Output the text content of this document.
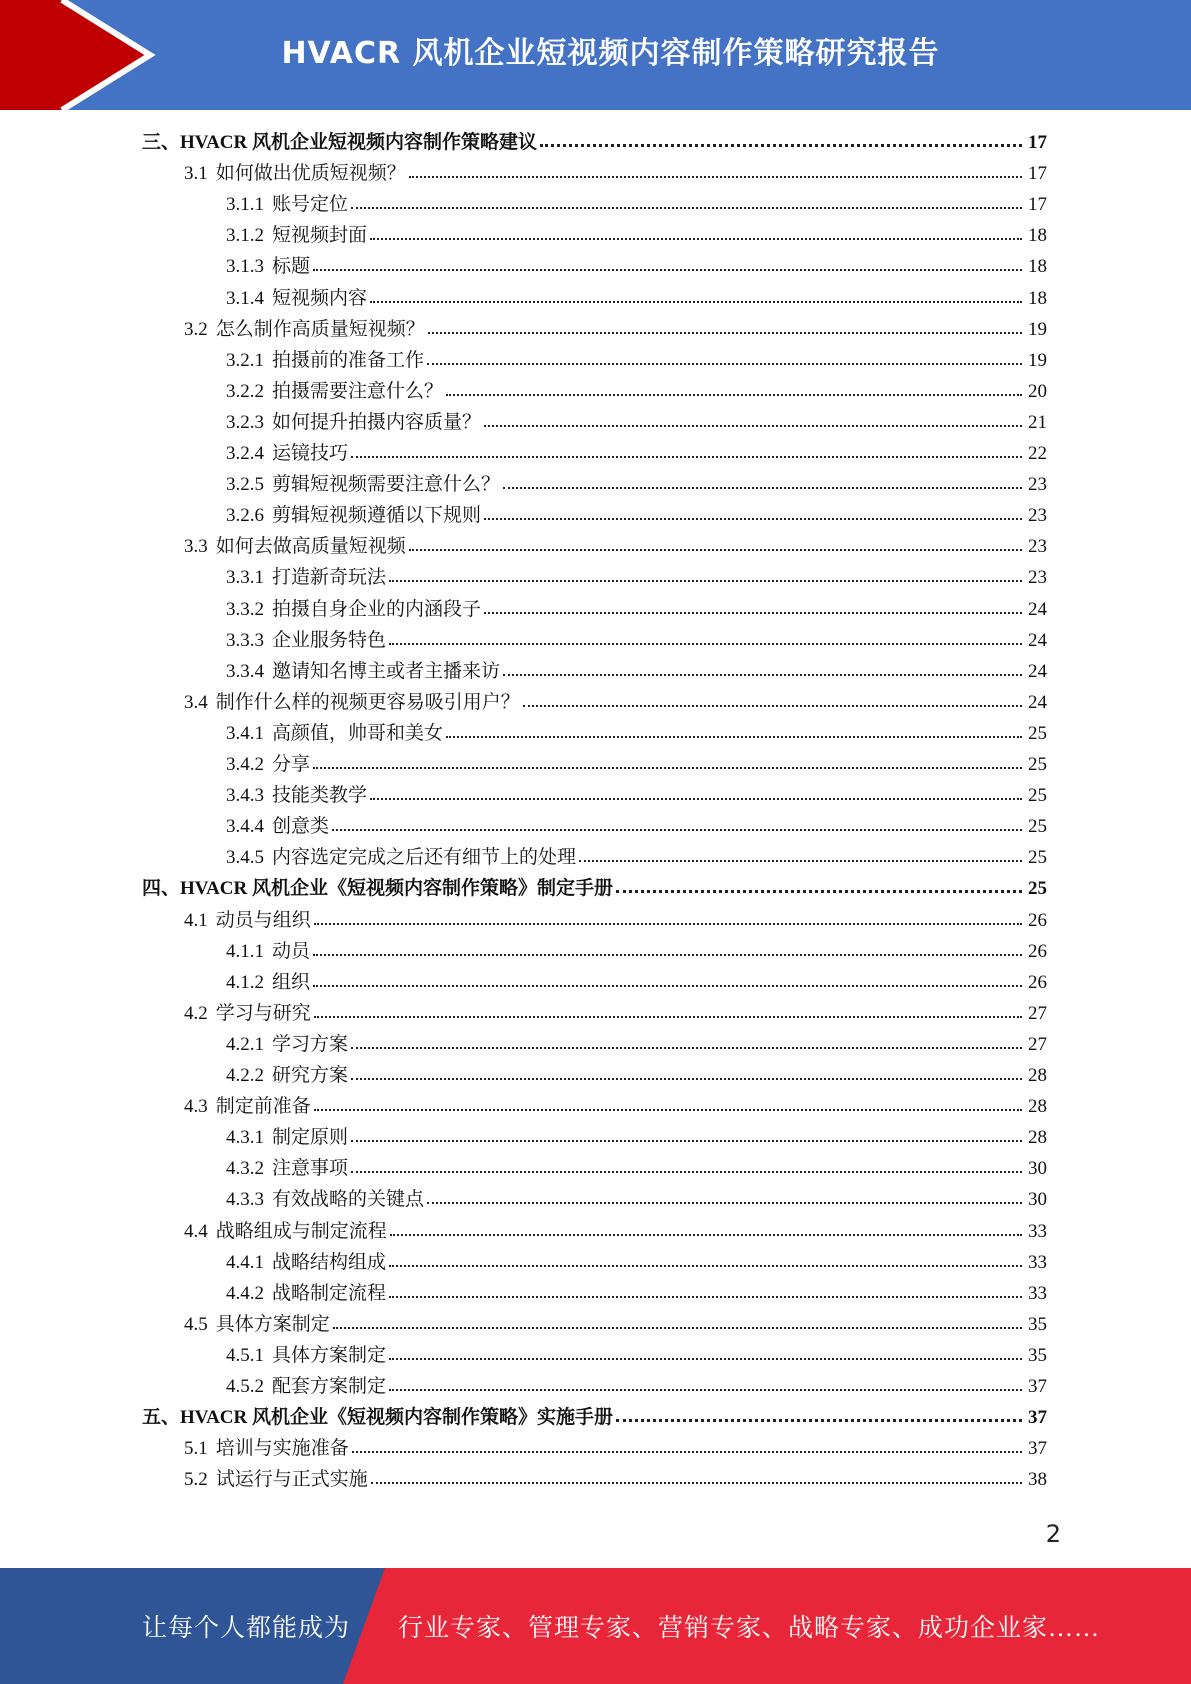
HVACR 风机企业短视频内容制作策略研究报告
三、 HVACR 风机企业短视频内容制作策略建议	17
3.1 如何做出优质短视频？	17
3.1.1 账号定位	17
3.1.2 短视频封面	18
3.1.3 标题	18
3.1.4 短视频内容	18
3.2 怎么制作高质量短视频？	19
3.2.1 拍摄前的准备工作	19
3.2.2 拍摄需要注意什么？	20
3.2.3 如何提升拍摄内容质量？	21
3.2.4 运镜技巧	22
3.2.5 剪辑短视频需要注意什么？	23
3.2.6 剪辑短视频遵循以下规则	23
3.3 如何去做高质量短视频	23
3.3.1 打造新奇玩法	23
3.3.2 拍摄自身企业的内涵段子	24
3.3.3 企业服务特色	24
3.3.4 邀请知名博主或者主播来访	24
3.4 制作什么样的视频更容易吸引用户？	24
3.4.1 高颜值，帅哥和美女	25
3.4.2 分享	25
3.4.3 技能类教学	25
3.4.4 创意类	25
3.4.5 内容选定完成之后还有细节上的处理	25
四、 HVACR 风机企业《短视频内容制作策略》制定手册	25
4.1 动员与组织	26
4.1.1 动员	26
4.1.2 组织	26
4.2 学习与研究	27
4.2.1 学习方案	27
4.2.2 研究方案	28
4.3 制定前准备	28
4.3.1 制定原则	28
4.3.2 注意事项	30
4.3.3 有效战略的关键点	30
4.4 战略组成与制定流程	33
4.4.1 战略结构组成	33
4.4.2 战略制定流程	33
4.5 具体方案制定	35
4.5.1 具体方案制定	35
4.5.2 配套方案制定	37
五、 HVACR 风机企业《短视频内容制作策略》实施手册	37
5.1 培训与实施准备	37
5.2 试运行与正式实施	38
2
让每个人都能成为 行业专家、管理专家、营销专家、战略专家、成功企业家……
